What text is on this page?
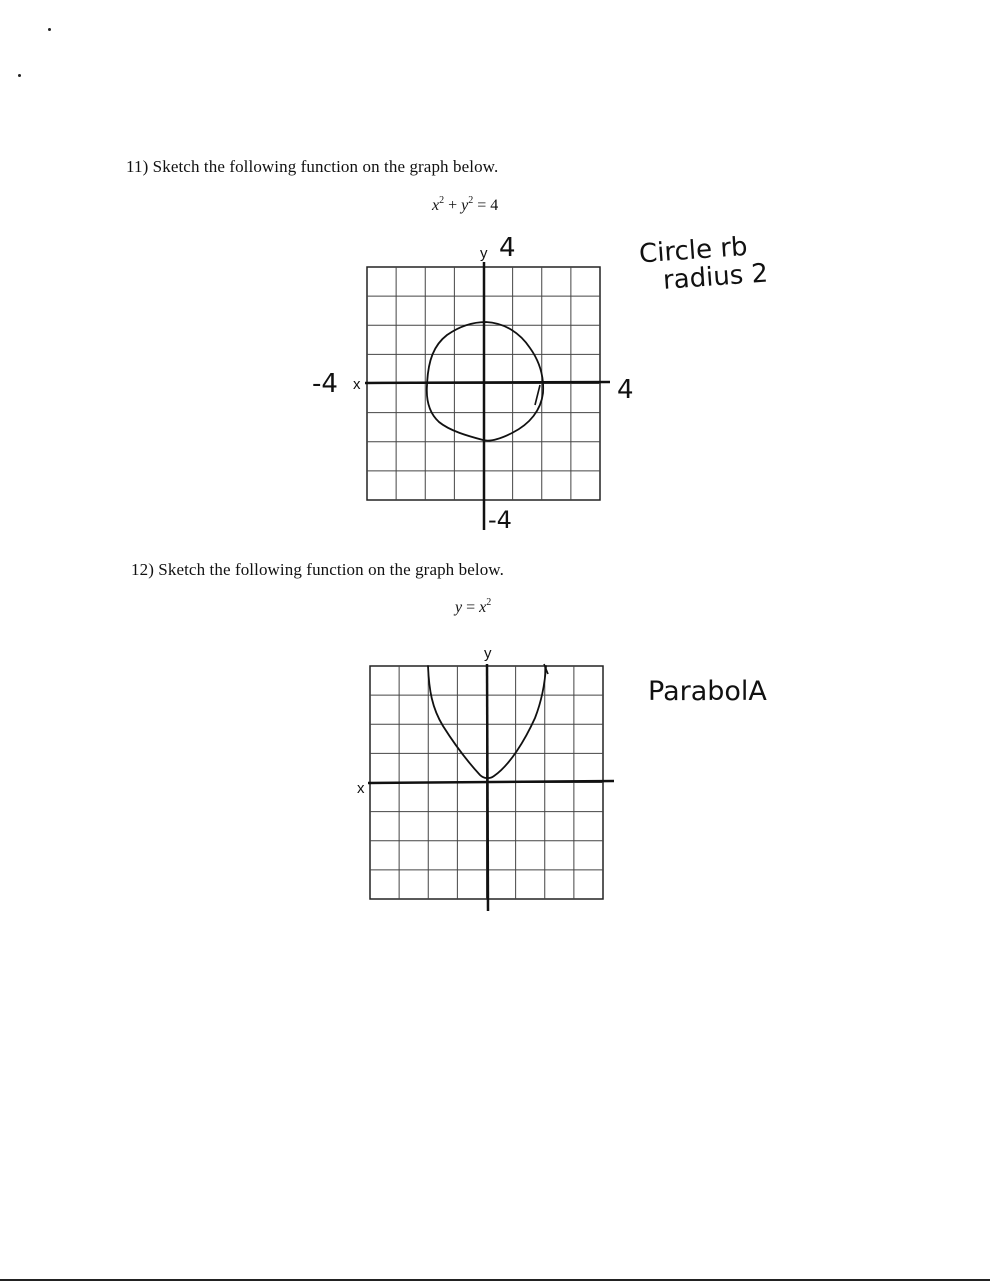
11) Sketch the following function on the graph below.
$x^2 + y^2 = 4$
x
y 4
-4	4
-4
Circle rb
radius 2
12) Sketch the following function on the graph below.
$y = x^2$
x
y
ParabolA
